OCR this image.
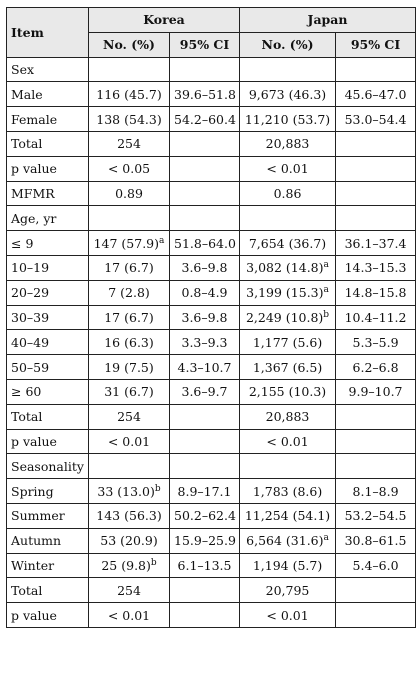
Item	Korea		Japan	
	No. (%)	95% CI	No. (%)	95% CI
Sex				
Male	116 (45.7)	39.6–51.8	9,673 (46.3)	45.6–47.0
Female	138 (54.3)	54.2–60.4	11,210 (53.7)	53.0–54.4
Total	254		20,883	
p value	< 0.05		< 0.01	
MFMR	0.89		0.86	
Age, yr				
≤ 9	147 $(57.9)^a$	51.8–64.0	7,654 (36.7)	36.1–37.4
10–19	17 (6.7)	3.6–9.8	3,082 $(14.8)^a$	14.3–15.3
20–29	7 (2.8)	0.8–4.9	3,199 $(15.3)^a$	14.8–15.8
30–39	17 (6.7)	3.6–9.8	2,249 $(10.8)^b$	10.4–11.2
40–49	16 (6.3)	3.3–9.3	1,177 (5.6)	5.3–5.9
50–59	19 (7.5)	4.3–10.7	1,367 (6.5)	6.2–6.8
≥ 60	31 (6.7)	3.6–9.7	2,155 (10.3)	9.9–10.7
Total	254		20,883	
p value	< 0.01		< 0.01	
Seasonality				
Spring	33 $(13.0)^b$	8.9–17.1	1,783 (8.6)	8.1–8.9
Summer	143 (56.3)	50.2–62.4	11,254 (54.1)	53.2–54.5
Autumn	53 (20.9)	15.9–25.9	6,564 $(31.6)^a$	30.8–61.5
Winter	25 $(9.8)^b$	6.1–13.5	1,194 (5.7)	5.4–6.0
Total	254		20,795	
p value	< 0.01		< 0.01	
